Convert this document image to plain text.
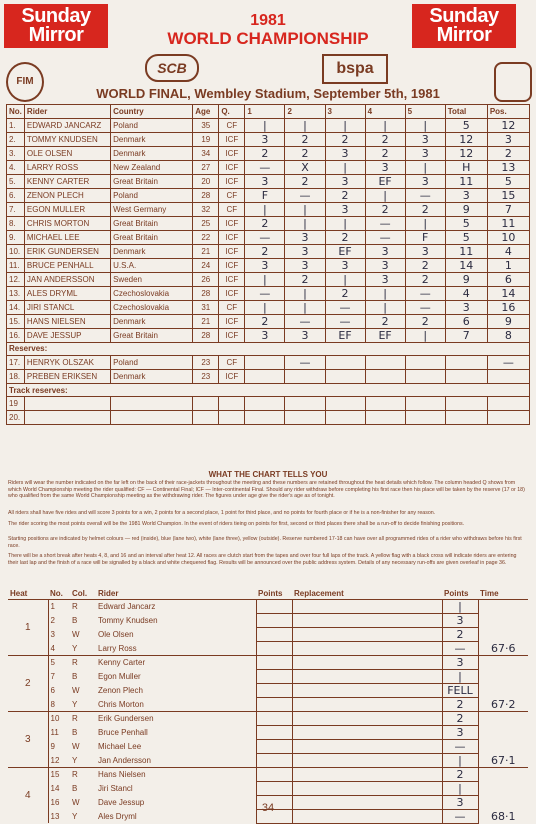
Sunday
Mirror
Sunday
Mirror
1981
WORLD CHAMPIONSHIP
SCB	bspa
FIM
WORLD FINAL, Wembley Stadium, September 5th, 1981
No.	Rider	Country	Age	Q.	1	2	3	4	5	Total	Pos.
1.	EDWARD JANCARZ	Poland	35	CF	|	|	|	|	|	5	12
2.	TOMMY KNUDSEN	Denmark	19	ICF	3	2	2	2	3	12	3
3.	OLE OLSEN	Denmark	34	ICF	2	2	3	2	3	12	2
4.	LARRY ROSS	New Zealand	27	ICF	—	X	|	3	|	H	13
5.	KENNY CARTER	Great Britain	20	ICF	3	2	3	EF	3	11	5
6.	ZENON PLECH	Poland	28	CF	F	—	2	|	—	3	15
7.	EGON MULLER	West Germany	32	CF	|	|	3	2	2	9	7
8.	CHRIS MORTON	Great Britain	25	ICF	2	|	|	—	|	5	11
9.	MICHAEL LEE	Great Britain	22	ICF	—	3	2	—	F	5	10
10.	ERIK GUNDERSEN	Denmark	21	ICF	2	3	EF	3	3	11	4
11.	BRUCE PENHALL	U.S.A.	24	ICF	3	3	3	3	2	14	1
12.	JAN ANDERSSON	Sweden	26	ICF	|	2	|	3	2	9	6
13.	ALES DRYML	Czechoslovakia	28	ICF	—	|	2	|	—	4	14
14.	JIRI STANCL	Czechoslovakia	31	CF	|	|	—	|	—	3	16
15.	HANS NIELSEN	Denmark	21	ICF	2	—	—	2	2	6	9
16.	DAVE JESSUP	Great Britain	28	ICF	3	3	EF	EF	|	7	8
Reserves:											
17.	HENRYK OLSZAK	Poland	23	CF		—					—
18.	PREBEN ERIKSEN	Denmark	23	ICF							
Track reserves:											
19											
20.											
WHAT THE CHART TELLS YOU
Riders will wear the number indicated on the far left on the back of their race-jackets throughout the meeting and these numbers are retained throughout the heat details which follow. The column headed Q shows from which World Championship meeting the rider qualified: CF — Continental Final; ICF — Inter-continental Final. Should any rider withdraw before completing his first race then his place will be taken by the reserve (17 or 18) who qualified from the same World Championship meeting as the withdrawing rider. The figures under age give the rider's age as of tonight.
All riders shall have five rides and will score 3 points for a win, 2 points for a second place, 1 point for third place, and no points for fourth place or if he is a non-finisher for any reason.
The rider scoring the most points overall will be the 1981 World Champion. In the event of riders tieing on points for first, second or third places there shall be a run-off to decide finishing positions.
Starting positions are indicated by helmet colours — red (inside), blue (lane two), white (lane three), yellow (outside). Reserve numbered 17-18 can have over all programmed rides of a rider who withdraws before his first race.
There will be a short break after heats 4, 8, and 16 and an interval after heat 12. All races are clutch start from the tapes and over four full laps of the track. A yellow flag with a black cross will indicate riders are entering their last lap and the finish of a race will be signalled by a black and white chequered flag. Results will be announced over the public address system. Details of any necessary run-offs are given overleaf in page 36.
Heat	No.	Col.	Rider	Points	Replacement	Points	Time
1	1	R	Edward Jancarz			|	67·6
	2	B	Tommy Knudsen			3	
	3	W	Ole Olsen			2	
	4	Y	Larry Ross			—	
2	5	R	Kenny Carter			3	67·2
	7	B	Egon Muller			|	
	6	W	Zenon Plech			FELL	
	8	Y	Chris Morton			2	
3	10	R	Erik Gundersen			2	67·1
	11	B	Bruce Penhall			3	
	9	W	Michael Lee			—	
	12	Y	Jan Andersson			|	
4	15	R	Hans Nielsen			2	68·1
	14	B	Jiri Stancl			|	
	16	W	Dave Jessup			3	
	13	Y	Ales Dryml			—	
34
